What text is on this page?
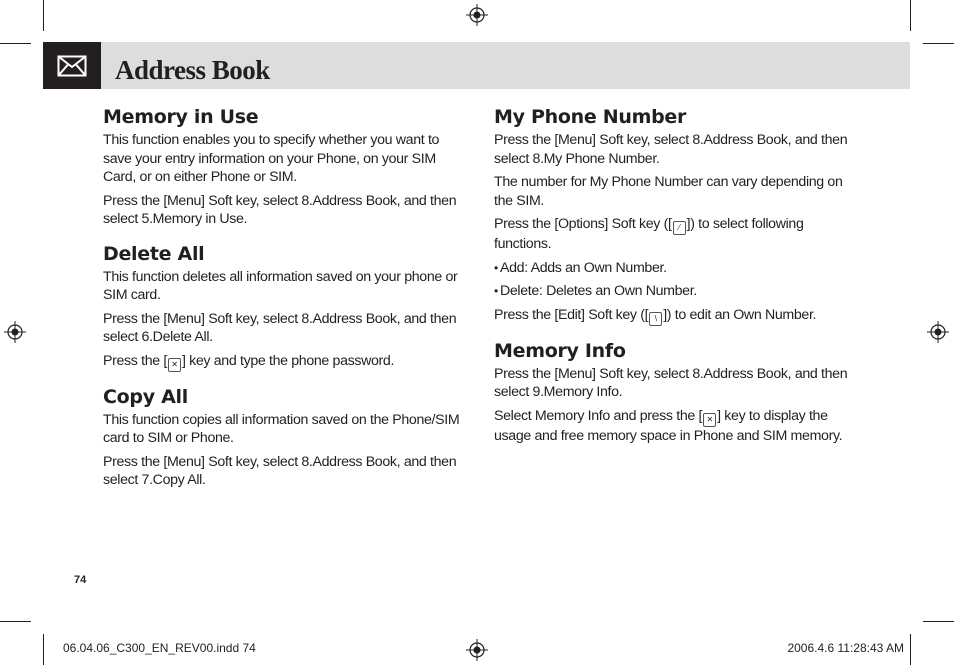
Address Book
Memory in Use

This function enables you to specify whether you want to save your entry information on your Phone, on your SIM Card, or on either Phone or SIM.

Press the [Menu] Soft key, select 8.Address Book, and then select 5.Memory in Use.

Delete All

This function deletes all information saved on your phone or SIM card.

Press the [Menu] Soft key, select 8.Address Book, and then select 6.Delete All.

Press the [ ✕ ] key and type the phone password.

Copy All

This function copies all information saved on the Phone/SIM card to SIM or Phone.

Press the [Menu] Soft key, select 8.Address Book, and then select 7.Copy All.

My Phone Number

Press the [Menu] Soft key, select 8.Address Book, and then select 8.My Phone Number.

The number for My Phone Number can vary depending on the SIM.

Press the [Options] Soft key ([ ⁄ ]) to select following functions.

• Add: Adds an Own Number.
• Delete: Deletes an Own Number.

Press the [Edit] Soft key ([ \ ]) to edit an Own Number.

Memory Info

Press the [Menu] Soft key, select 8.Address Book, and then select 9.Memory Info.

Select Memory Info and press the [ ✕ ] key to display the usage and free memory space in Phone and SIM memory.

74
06.04.06_C300_EN_REV00.indd 74	2006.4.6 11:28:43 AM
